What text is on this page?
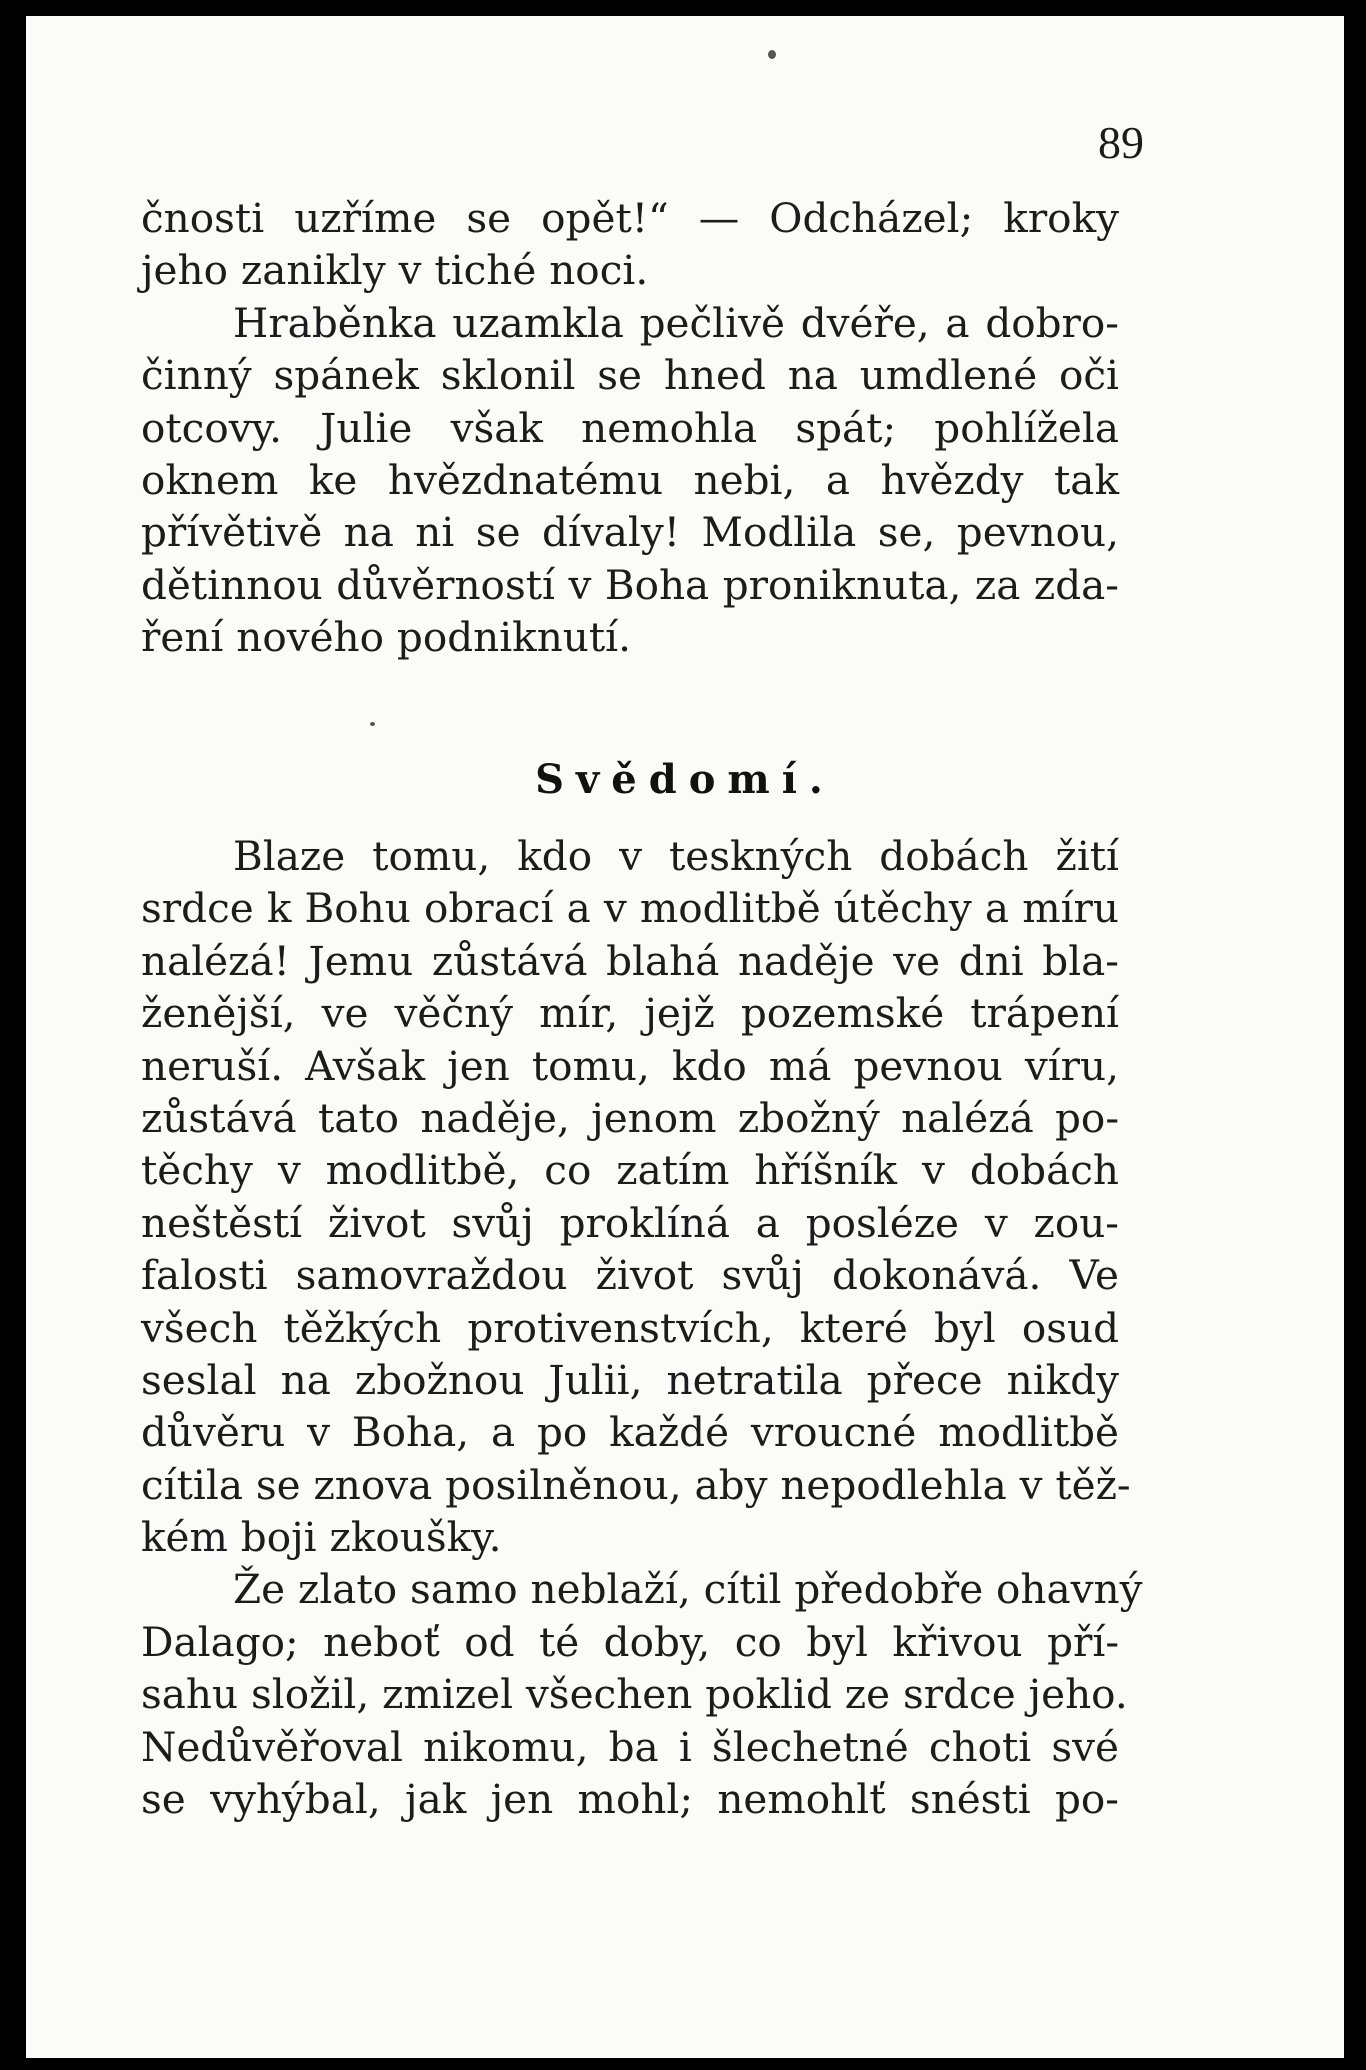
89
čnosti uzříme se opět!“ — Odcházel; kroky
jeho zanikly v tiché noci.
Hraběnka uzamkla pečlivě dvéře, a dobro-
činný spánek sklonil se hned na umdlené oči
otcovy. Julie však nemohla spát; pohlížela
oknem ke hvězdnatému nebi, a hvězdy tak
přívětivě na ni se dívaly! Modlila se, pevnou,
dětinnou důvěrností v Boha proniknuta, za zda-
ření nového podniknutí.
Svědomí.
Blaze tomu, kdo v teskných dobách žití
srdce k Bohu obrací a v modlitbě útěchy a míru
nalézá! Jemu zůstává blahá naděje ve dni bla-
ženější, ve věčný mír, jejž pozemské trápení
neruší. Avšak jen tomu, kdo má pevnou víru,
zůstává tato naděje, jenom zbožný nalézá po-
těchy v modlitbě, co zatím hříšník v dobách
neštěstí život svůj proklíná a posléze v zou-
falosti samovraždou život svůj dokonává. Ve
všech těžkých protivenstvích, které byl osud
seslal na zbožnou Julii, netratila přece nikdy
důvěru v Boha, a po každé vroucné modlitbě
cítila se znova posilněnou, aby nepodlehla v těž-
kém boji zkoušky.
Že zlato samo neblaží, cítil předobře ohavný
Dalago; neboť od té doby, co byl křivou pří-
sahu složil, zmizel všechen poklid ze srdce jeho.
Nedůvěřoval nikomu, ba i šlechetné choti své
se vyhýbal, jak jen mohl; nemohlť snésti po-
